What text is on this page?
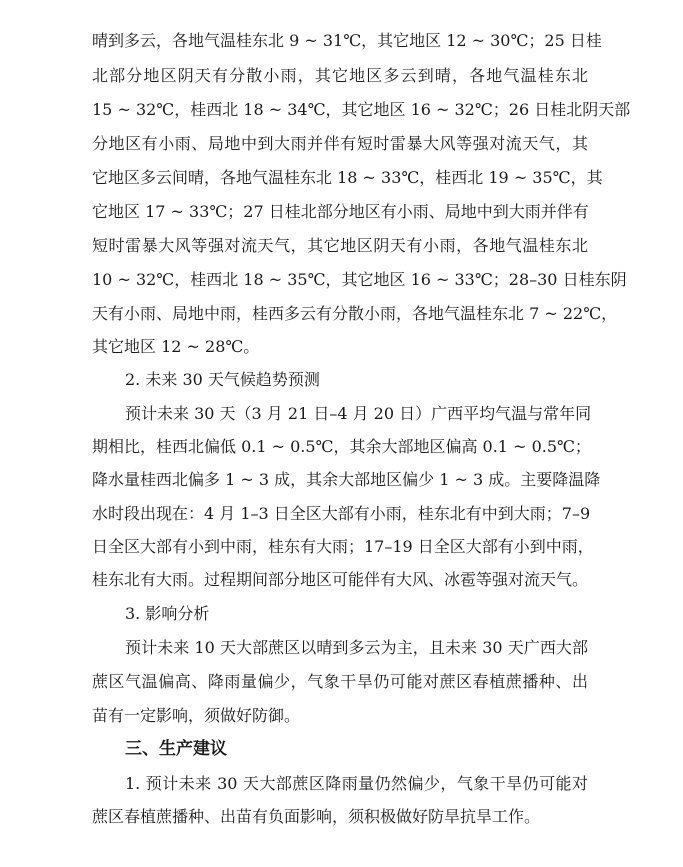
晴到多云，各地气温桂东北 9 ~ 31℃，其它地区 12 ~ 30℃；25 日桂
北部分地区阴天有分散小雨，其它地区多云到晴，各地气温桂东北
15 ~ 32℃，桂西北 18 ~ 34℃，其它地区 16 ~ 32℃；26 日桂北阴天部
分地区有小雨、局地中到大雨并伴有短时雷暴大风等强对流天气，其
它地区多云间晴，各地气温桂东北 18 ~ 33℃，桂西北 19 ~ 35℃，其
它地区 17 ~ 33℃；27 日桂北部分地区有小雨、局地中到大雨并伴有
短时雷暴大风等强对流天气，其它地区阴天有小雨，各地气温桂东北
10 ~ 32℃，桂西北 18 ~ 35℃，其它地区 16 ~ 33℃；28–30 日桂东阴
天有小雨、局地中雨，桂西多云有分散小雨，各地气温桂东北 7 ~ 22℃，
其它地区 12 ~ 28℃。
2. 未来 30 天气候趋势预测
预计未来 30 天（3 月 21 日–4 月 20 日）广西平均气温与常年同
期相比，桂西北偏低 0.1 ~ 0.5℃，其余大部地区偏高 0.1 ~ 0.5℃；
降水量桂西北偏多 1 ~ 3 成，其余大部地区偏少 1 ~ 3 成。主要降温降
水时段出现在：4 月 1–3 日全区大部有小雨，桂东北有中到大雨；7–9
日全区大部有小到中雨，桂东有大雨；17–19 日全区大部有小到中雨，
桂东北有大雨。过程期间部分地区可能伴有大风、冰雹等强对流天气。
3. 影响分析
预计未来 10 天大部蔗区以晴到多云为主，且未来 30 天广西大部
蔗区气温偏高、降雨量偏少，气象干旱仍可能对蔗区春植蔗播种、出
苗有一定影响，须做好防御。
三、生产建议
1. 预计未来 30 天大部蔗区降雨量仍然偏少，气象干旱仍可能对
蔗区春植蔗播种、出苗有负面影响，须积极做好防旱抗旱工作。
